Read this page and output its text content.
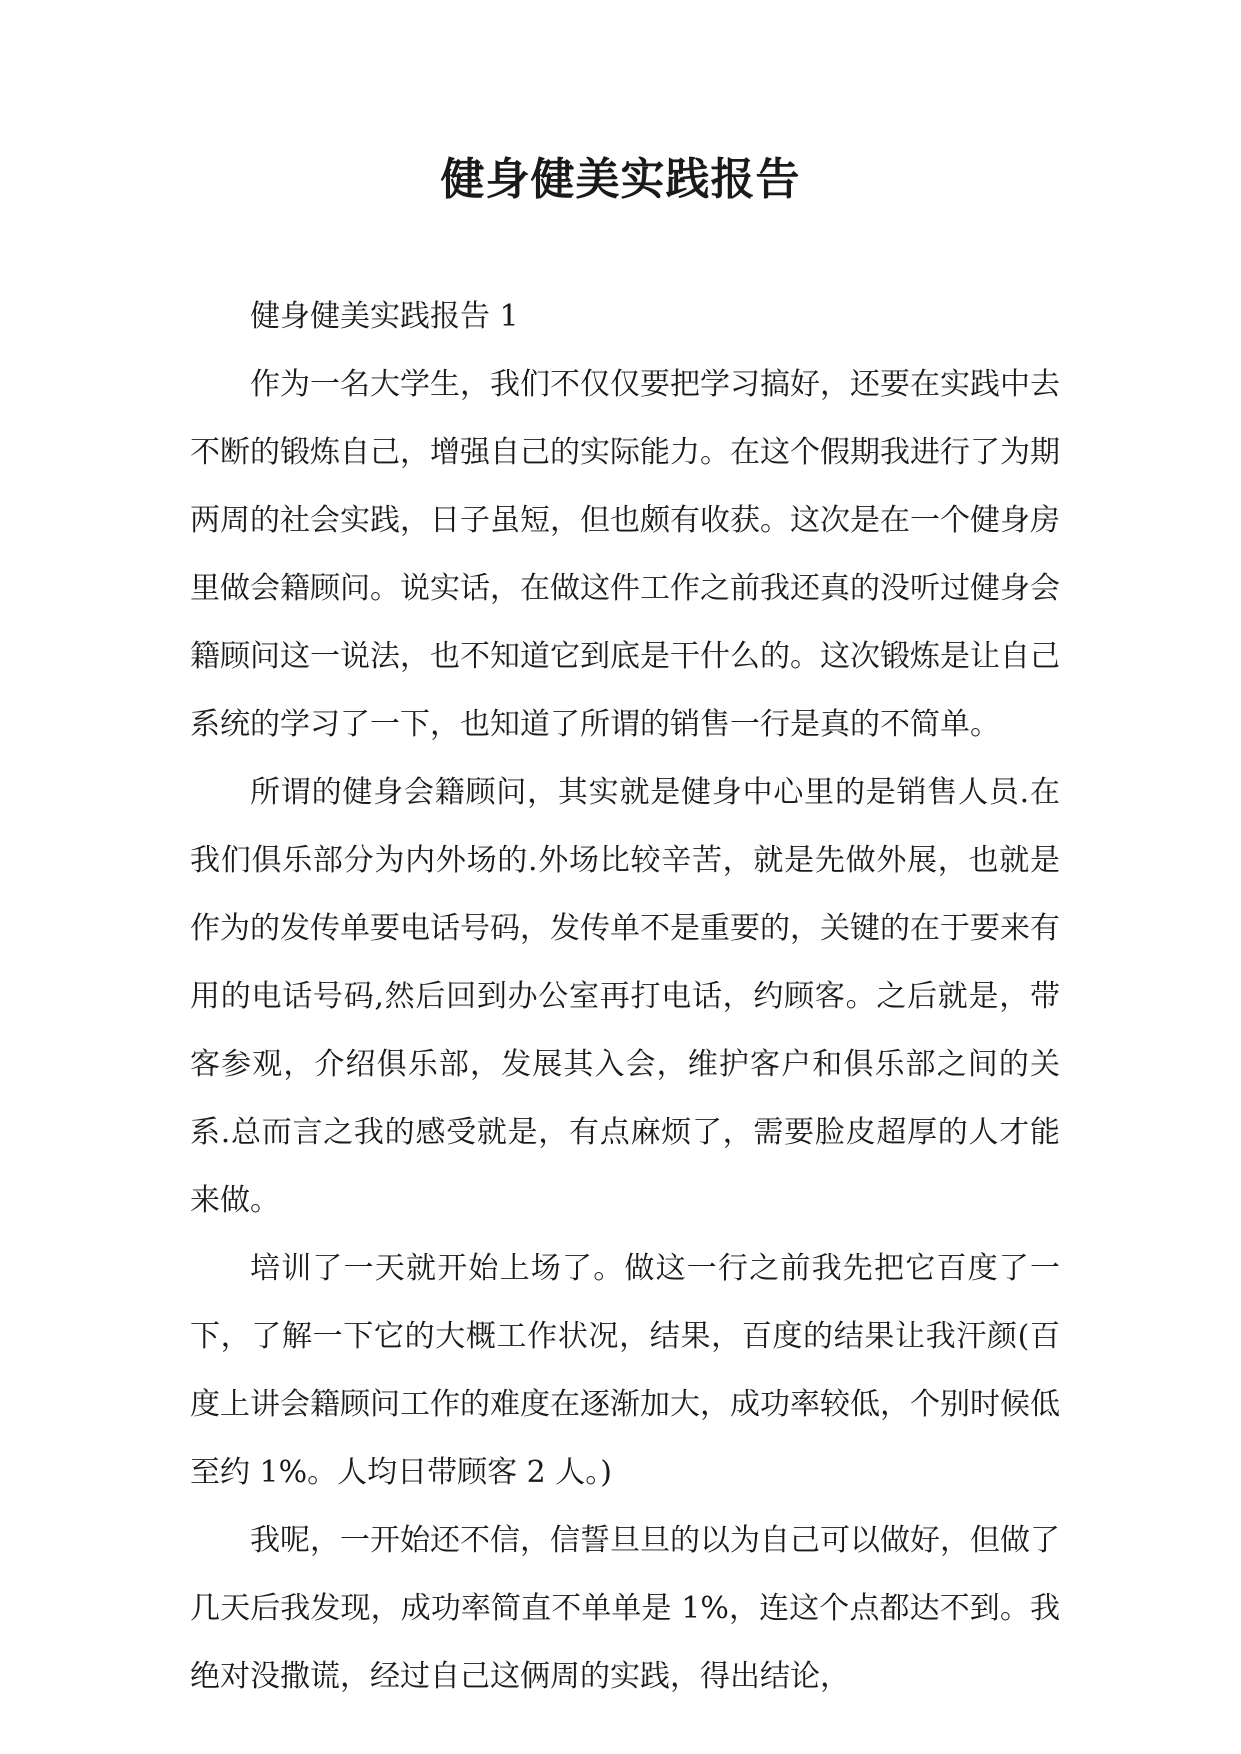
健身健美实践报告

健身健美实践报告 1

作为一名大学生，我们不仅仅要把学习搞好，还要在实践中去不断的锻炼自己，增强自己的实际能力。在这个假期我进行了为期两周的社会实践，日子虽短，但也颇有收获。这次是在一个健身房里做会籍顾问。说实话，在做这件工作之前我还真的没听过健身会籍顾问这一说法，也不知道它到底是干什么的。这次锻炼是让自己系统的学习了一下，也知道了所谓的销售一行是真的不简单。

所谓的健身会籍顾问，其实就是健身中心里的是销售人员.在我们俱乐部分为内外场的.外场比较辛苦，就是先做外展，也就是作为的发传单要电话号码，发传单不是重要的，关键的在于要来有用的电话号码,然后回到办公室再打电话，约顾客。之后就是，带客参观，介绍俱乐部，发展其入会，维护客户和俱乐部之间的关系.总而言之我的感受就是，有点麻烦了，需要脸皮超厚的人才能来做。

培训了一天就开始上场了。做这一行之前我先把它百度了一下，了解一下它的大概工作状况，结果，百度的结果让我汗颜(百度上讲会籍顾问工作的难度在逐渐加大，成功率较低，个别时候低至约 1%。人均日带顾客 2 人。)

我呢，一开始还不信，信誓旦旦的以为自己可以做好，但做了几天后我发现，成功率简直不单单是 1%，连这个点都达不到。我绝对没撒谎，经过自己这俩周的实践，得出结论，
